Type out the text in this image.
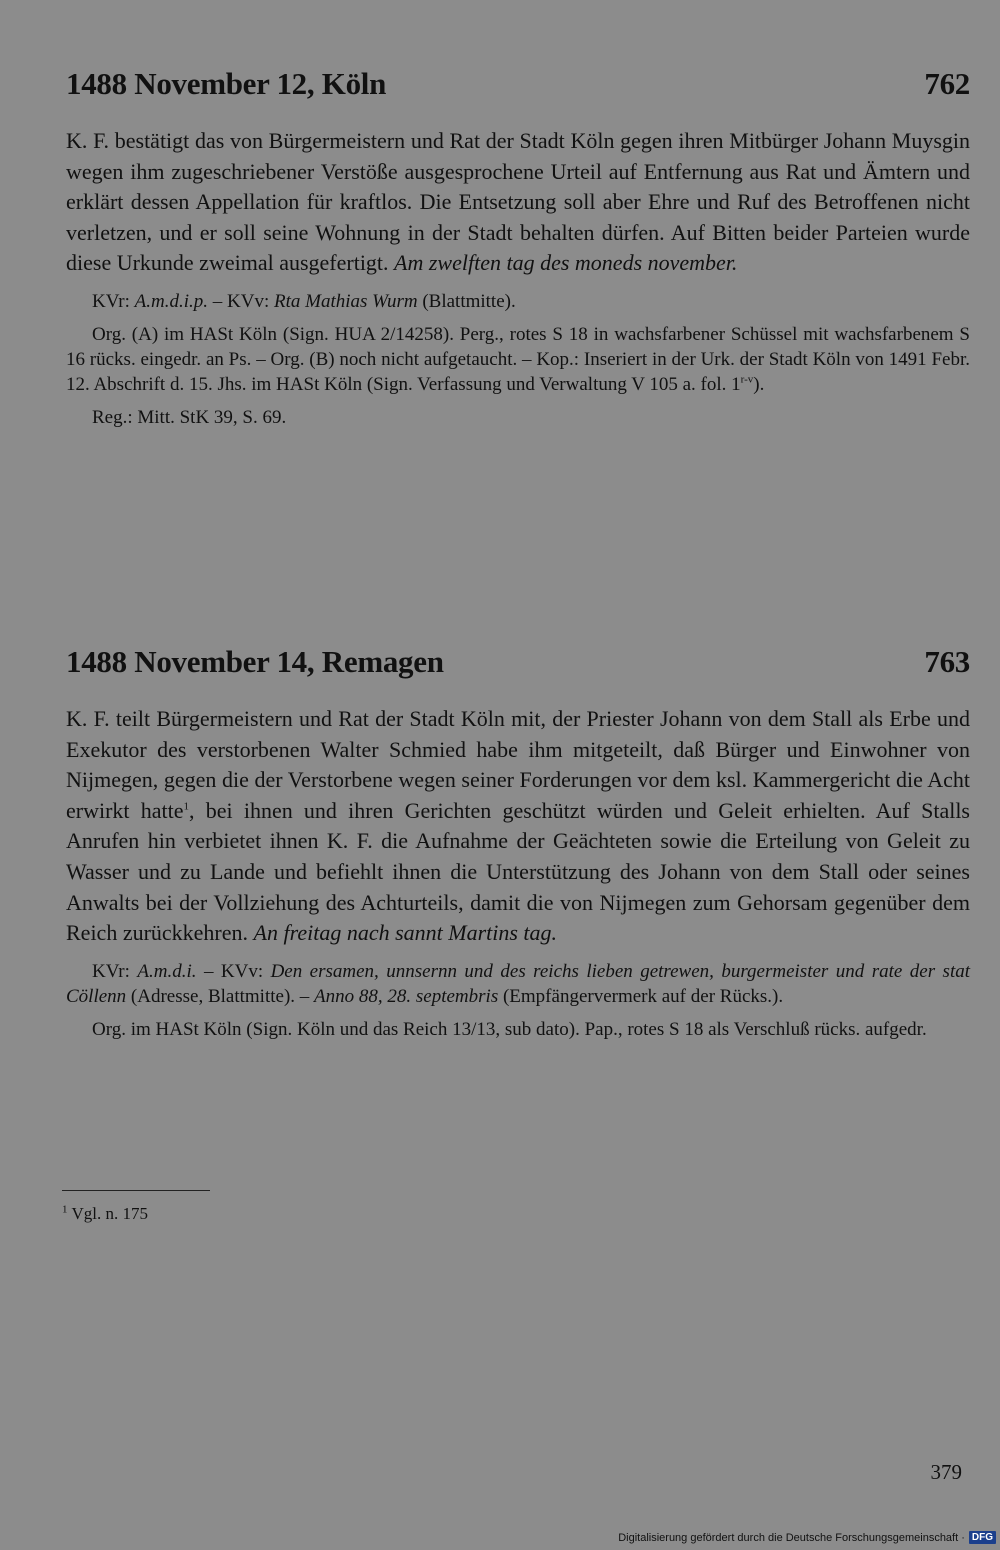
1488 November 12, Köln	762

K. F. bestätigt das von Bürgermeistern und Rat der Stadt Köln gegen ihren Mitbürger Johann Muysgin wegen ihm zugeschriebener Verstöße ausgesprochene Urteil auf Entfernung aus Rat und Ämtern und erklärt dessen Appellation für kraftlos. Die Entsetzung soll aber Ehre und Ruf des Betroffenen nicht verletzen, und er soll seine Wohnung in der Stadt behalten dürfen. Auf Bitten beider Parteien wurde diese Urkunde zweimal ausgefertigt. Am zwelften tag des moneds november.

KVr: A.m.d.i.p. – KVv: Rta Mathias Wurm (Blattmitte).

Org. (A) im HASt Köln (Sign. HUA 2/14258). Perg., rotes S 18 in wachsfarbener Schüssel mit wachsfarbenem S 16 rücks. eingedr. an Ps. – Org. (B) noch nicht aufgetaucht. – Kop.: Inseriert in der Urk. der Stadt Köln von 1491 Febr. 12. Abschrift d. 15. Jhs. im HASt Köln (Sign. Verfassung und Verwaltung V 105 a. fol. 1$^{r-v}$).

Reg.: Mitt. StK 39, S. 69.

1488 November 14, Remagen	763

K. F. teilt Bürgermeistern und Rat der Stadt Köln mit, der Priester Johann von dem Stall als Erbe und Exekutor des verstorbenen Walter Schmied habe ihm mitgeteilt, daß Bürger und Einwohner von Nijmegen, gegen die der Verstorbene wegen seiner Forderungen vor dem ksl. Kammergericht die Acht erwirkt hatte$^1$, bei ihnen und ihren Gerichten geschützt würden und Geleit erhielten. Auf Stalls Anrufen hin verbietet ihnen K. F. die Aufnahme der Geächteten sowie die Erteilung von Geleit zu Wasser und zu Lande und befiehlt ihnen die Unterstützung des Johann von dem Stall oder seines Anwalts bei der Vollziehung des Achturteils, damit die von Nijmegen zum Gehorsam gegenüber dem Reich zurückkehren. An freitag nach sannt Martins tag.

KVr: A.m.d.i. – KVv: Den ersamen, unnsernn und des reichs lieben getrewen, burgermeister und rate der stat Cöllenn (Adresse, Blattmitte). – Anno 88, 28. septembris (Empfängervermerk auf der Rücks.).

Org. im HASt Köln (Sign. Köln und das Reich 13/13, sub dato). Pap., rotes S 18 als Verschluß rücks. aufgedr.

$^1$ Vgl. n. 175
379
Digitalisierung gefördert durch die Deutsche Forschungsgemeinschaft · DFG
